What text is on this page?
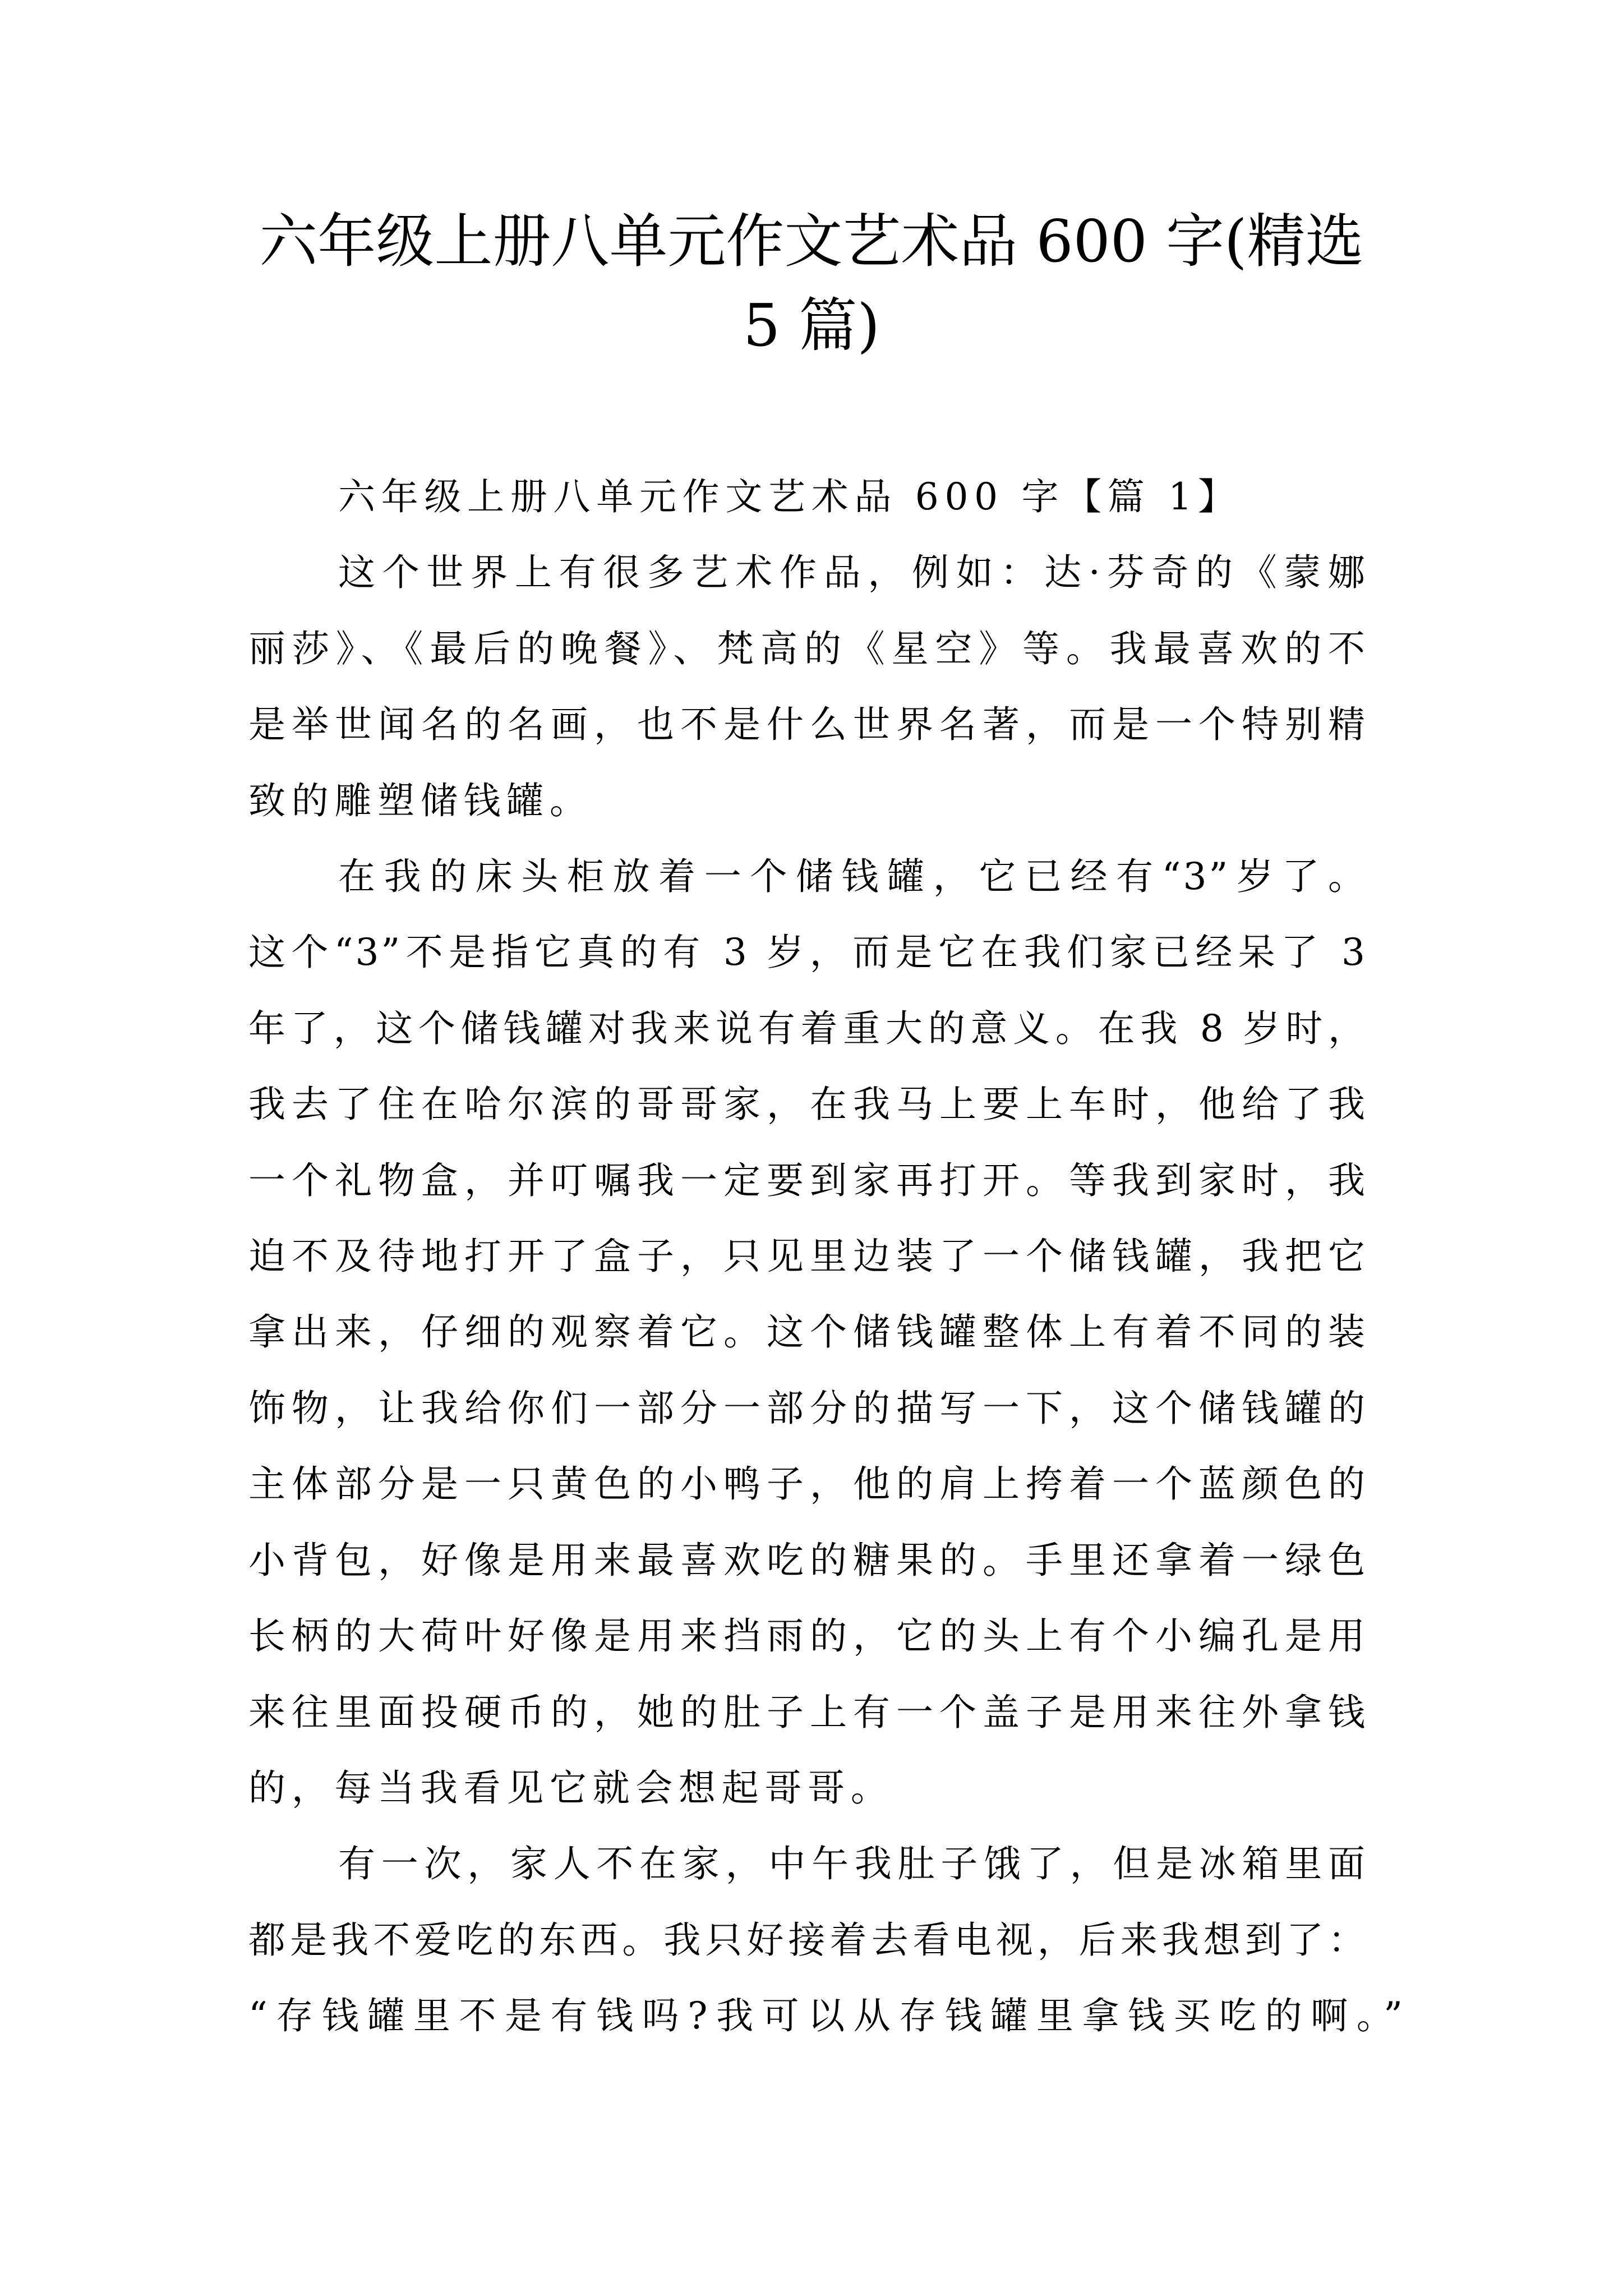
六年级上册八单元作文艺术品 600 字(精选
5 篇)
六年级上册八单元作文艺术品 600 字【篇 1】
这个世界上有很多艺术作品，例如：达·芬奇的《蒙娜
丽莎》、《最后的晚餐》、梵高的《星空》等。我最喜欢的不
是举世闻名的名画，也不是什么世界名著，而是一个特别精
致的雕塑储钱罐。
在我的床头柜放着一个储钱罐，它已经有“3”岁了。
这个“3”不是指它真的有 3 岁，而是它在我们家已经呆了 3
年了，这个储钱罐对我来说有着重大的意义。在我 8 岁时，
我去了住在哈尔滨的哥哥家，在我马上要上车时，他给了我
一个礼物盒，并叮嘱我一定要到家再打开。等我到家时，我
迫不及待地打开了盒子，只见里边装了一个储钱罐，我把它
拿出来，仔细的观察着它。这个储钱罐整体上有着不同的装
饰物，让我给你们一部分一部分的描写一下，这个储钱罐的
主体部分是一只黄色的小鸭子，他的肩上挎着一个蓝颜色的
小背包，好像是用来最喜欢吃的糖果的。手里还拿着一绿色
长柄的大荷叶好像是用来挡雨的，它的头上有个小编孔是用
来往里面投硬币的，她的肚子上有一个盖子是用来往外拿钱
的，每当我看见它就会想起哥哥。
有一次，家人不在家，中午我肚子饿了，但是冰箱里面
都是我不爱吃的东西。我只好接着去看电视，后来我想到了：
“存钱罐里不是有钱吗?我可以从存钱罐里拿钱买吃的啊。”
